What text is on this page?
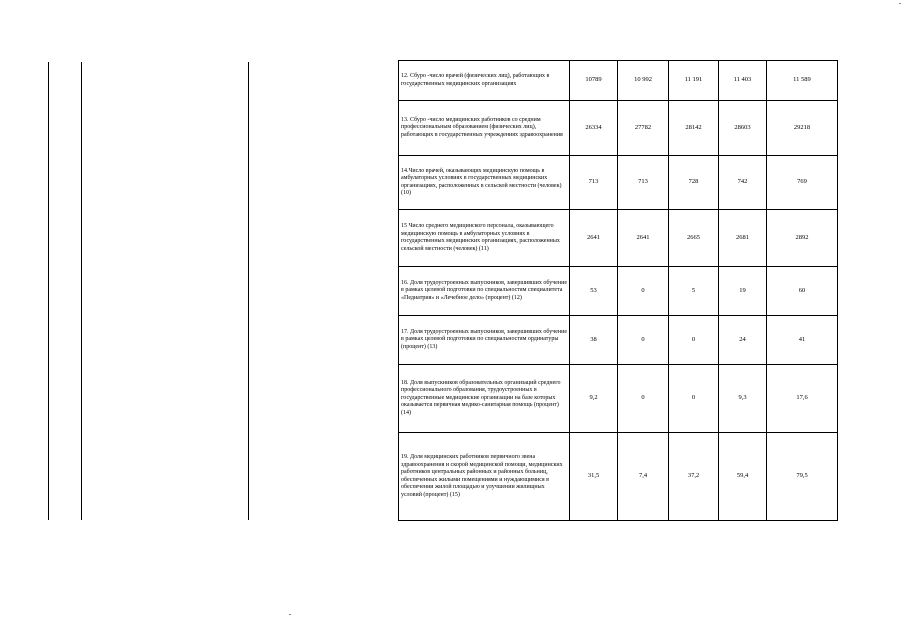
12. Сбуро -число врачей (физических лиц), работающих в государственных медицинских организациях	10789	10 992	11 191	11 403	11 589
13. Сбуро -число медицинских работников со средним профессиональным образованием (физических лиц), работающих в государственных учреждениях здравоохранения	26334	27782	28142	28603	29218
14.Число врачей, оказывающих медицинскую помощь в амбулаторных условиях в государственных медицинских организациях, расположенных в сельской местности (человек)(10)	713	713	728	742	769
15 Число среднего медицинского персонала, оказывающего медицинскую помощь в амбулаторных условиях в государственных медицинских организациях, расположенных сельской местности (человек) (11)	2641	2641	2665	2681	2892
16. Доля трудоустроенных выпускников, завершивших обучение в рамках целевой подготовки по специальностям специалитета «Педиатрия» и «Лечебное дело» (процент) (12)	53	0	5	19	60
17. Доля трудоустроенных выпускников, завершивших обучение в рамках целевой подготовки по специальностям ординатуры (процент) (13)	38	0	0	24	41
18. Доля выпускников образовательных организаций среднего профессионального образования, трудоустроенных в государственные медицинские организации на базе которых оказывается первичная медико-санитарная помощь (процент) (14)	9,2	0	0	9,3	17,6
19. Доля медицинских работников первичного звена здравоохранения и скорой медицинской помощи, медицинских работников центральных районных и районных больниц, обеспеченных жилыми помещениями и нуждающимися в обеспечении жилой площадью и улучшении жилищных условий (процент) (15)	31,5	7,4	37,2	59,4	79,5
